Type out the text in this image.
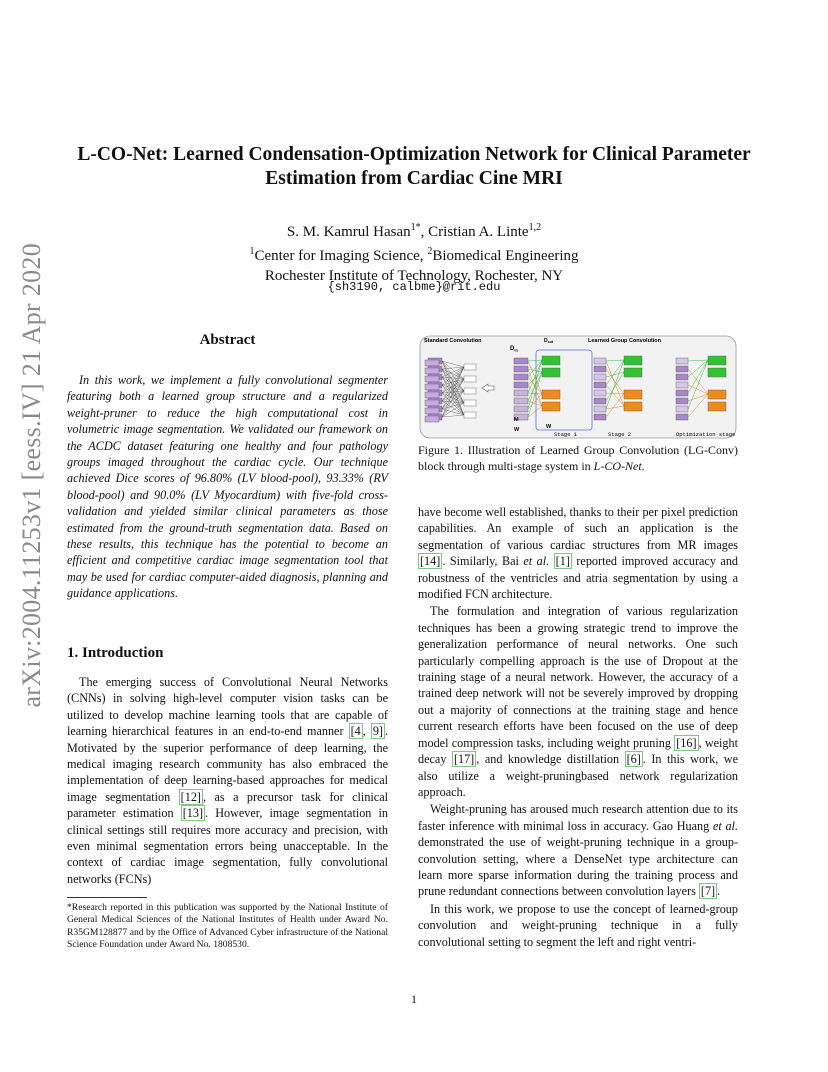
arXiv:2004.11253v1 [eess.IV] 21 Apr 2020
L-CO-Net: Learned Condensation-Optimization Network for Clinical Parameter Estimation from Cardiac Cine MRI
S. M. Kamrul Hasan$^{1*}$, Cristian A. Linte$^{1,2}$
$^1$Center for Imaging Science, $^2$Biomedical Engineering
Rochester Institute of Technology, Rochester, NY
{sh3190, calbme}@rit.edu
Abstract

In this work, we implement a fully convolutional segmenter featuring both a learned group structure and a regularized weight-pruner to reduce the high computational cost in volumetric image segmentation. We validated our framework on the ACDC dataset featuring one healthy and four pathology groups imaged throughout the cardiac cycle. Our technique achieved Dice scores of 96.80% (LV blood-pool), 93.33% (RV blood-pool) and 90.0% (LV Myocardium) with five-fold cross-validation and yielded similar clinical parameters as those estimated from the ground-truth segmentation data. Based on these results, this technique has the potential to become an efficient and competitive cardiac image segmentation tool that may be used for cardiac computer-aided diagnosis, planning and guidance applications.

1. Introduction

The emerging success of Convolutional Neural Networks (CNNs) in solving high-level computer vision tasks can be utilized to develop machine learning tools that are capable of learning hierarchical features in an end-to-end manner [4 , 9] . Motivated by the superior performance of deep learning, the medical imaging research community has also embraced the implementation of deep learning-based approaches for medical image segmentation [12] , as a precursor task for clinical parameter estimation [13] . However, image segmentation in clinical settings still requires more accuracy and precision, with even minimal segmentation errors being unacceptable. In the context of cardiac image segmentation, fully convolutional networks (FCNs)

*Research reported in this publication was supported by the National Institute of General Medical Sciences of the National Institutes of Health under Award No. R35GM128877 and by the Office of Advanced Cyber infrastructure of the National Science Foundation under Award No. 1808530.
Standard Convolution	Learned Group Convolution
$D_{in}$
$D_{out}$
Stage 1	Stage 2	Optimization stage
M
W	W
Figure 1. Illustration of Learned Group Convolution (LG-Conv) block through multi-stage system in L-CO-Net.

have become well established, thanks to their per pixel prediction capabilities. An example of such an application is the segmentation of various cardiac structures from MR images [14] . Similarly, Bai et al. [1] reported improved accuracy and robustness of the ventricles and atria segmentation by using a modified FCN architecture.

The formulation and integration of various regularization techniques has been a growing strategic trend to improve the generalization performance of neural networks. One such particularly compelling approach is the use of Dropout at the training stage of a neural network. However, the accuracy of a trained deep network will not be severely improved by dropping out a majority of connections at the training stage and hence current research efforts have been focused on the use of deep model compression tasks, including weight pruning [16] , weight decay [17] , and knowledge distillation [6] . In this work, we also utilize a weight-pruningbased network regularization approach.

Weight-pruning has aroused much research attention due to its faster inference with minimal loss in accuracy. Gao Huang et al. demonstrated the use of weight-pruning technique in a group-convolution setting, where a DenseNet type architecture can learn more sparse information during the training process and prune redundant connections between convolution layers [7] .

In this work, we propose to use the concept of learned-group convolution and weight-pruning technique in a fully convolutional setting to segment the left and right ventri-

1
